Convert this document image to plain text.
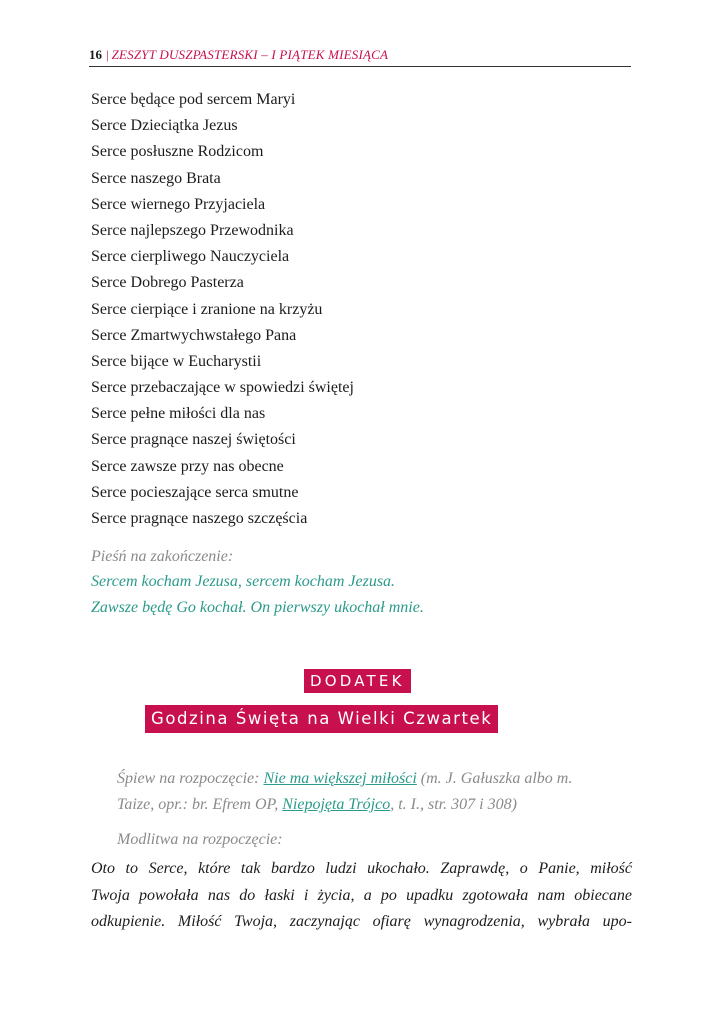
16 | ZESZYT DUSZPASTERSKI – I PIĄTEK MIESIĄCA
Serce będące pod sercem Maryi
Serce Dzieciątka Jezus
Serce posłuszne Rodzicom
Serce naszego Brata
Serce wiernego Przyjaciela
Serce najlepszego Przewodnika
Serce cierpliwego Nauczyciela
Serce Dobrego Pasterza
Serce cierpiące i zranione na krzyżu
Serce Zmartwychwstałego Pana
Serce bijące w Eucharystii
Serce przebaczające w spowiedzi świętej
Serce pełne miłości dla nas
Serce pragnące naszej świętości
Serce zawsze przy nas obecne
Serce pocieszające serca smutne
Serce pragnące naszego szczęścia
Pieśń na zakończenie:
Sercem kocham Jezusa, sercem kocham Jezusa.
Zawsze będę Go kochał. On pierwszy ukochał mnie.
DODATEK
Godzina Święta na Wielki Czwartek
Śpiew na rozpoczęcie: Nie ma większej miłości (m. J. Gałuszka albo m.
Taize, opr.: br. Efrem OP, Niepojęta Trójco, t. I., str. 307 i 308)
Modlitwa na rozpoczęcie:
Oto to Serce, które tak bardzo ludzi ukochało. Zaprawdę, o Panie, miłość
Twoja powołała nas do łaski i życia, a po upadku zgotowała nam obiecane
odkupienie. Miłość Twoja, zaczynając ofiarę wynagrodzenia, wybrała upo-
